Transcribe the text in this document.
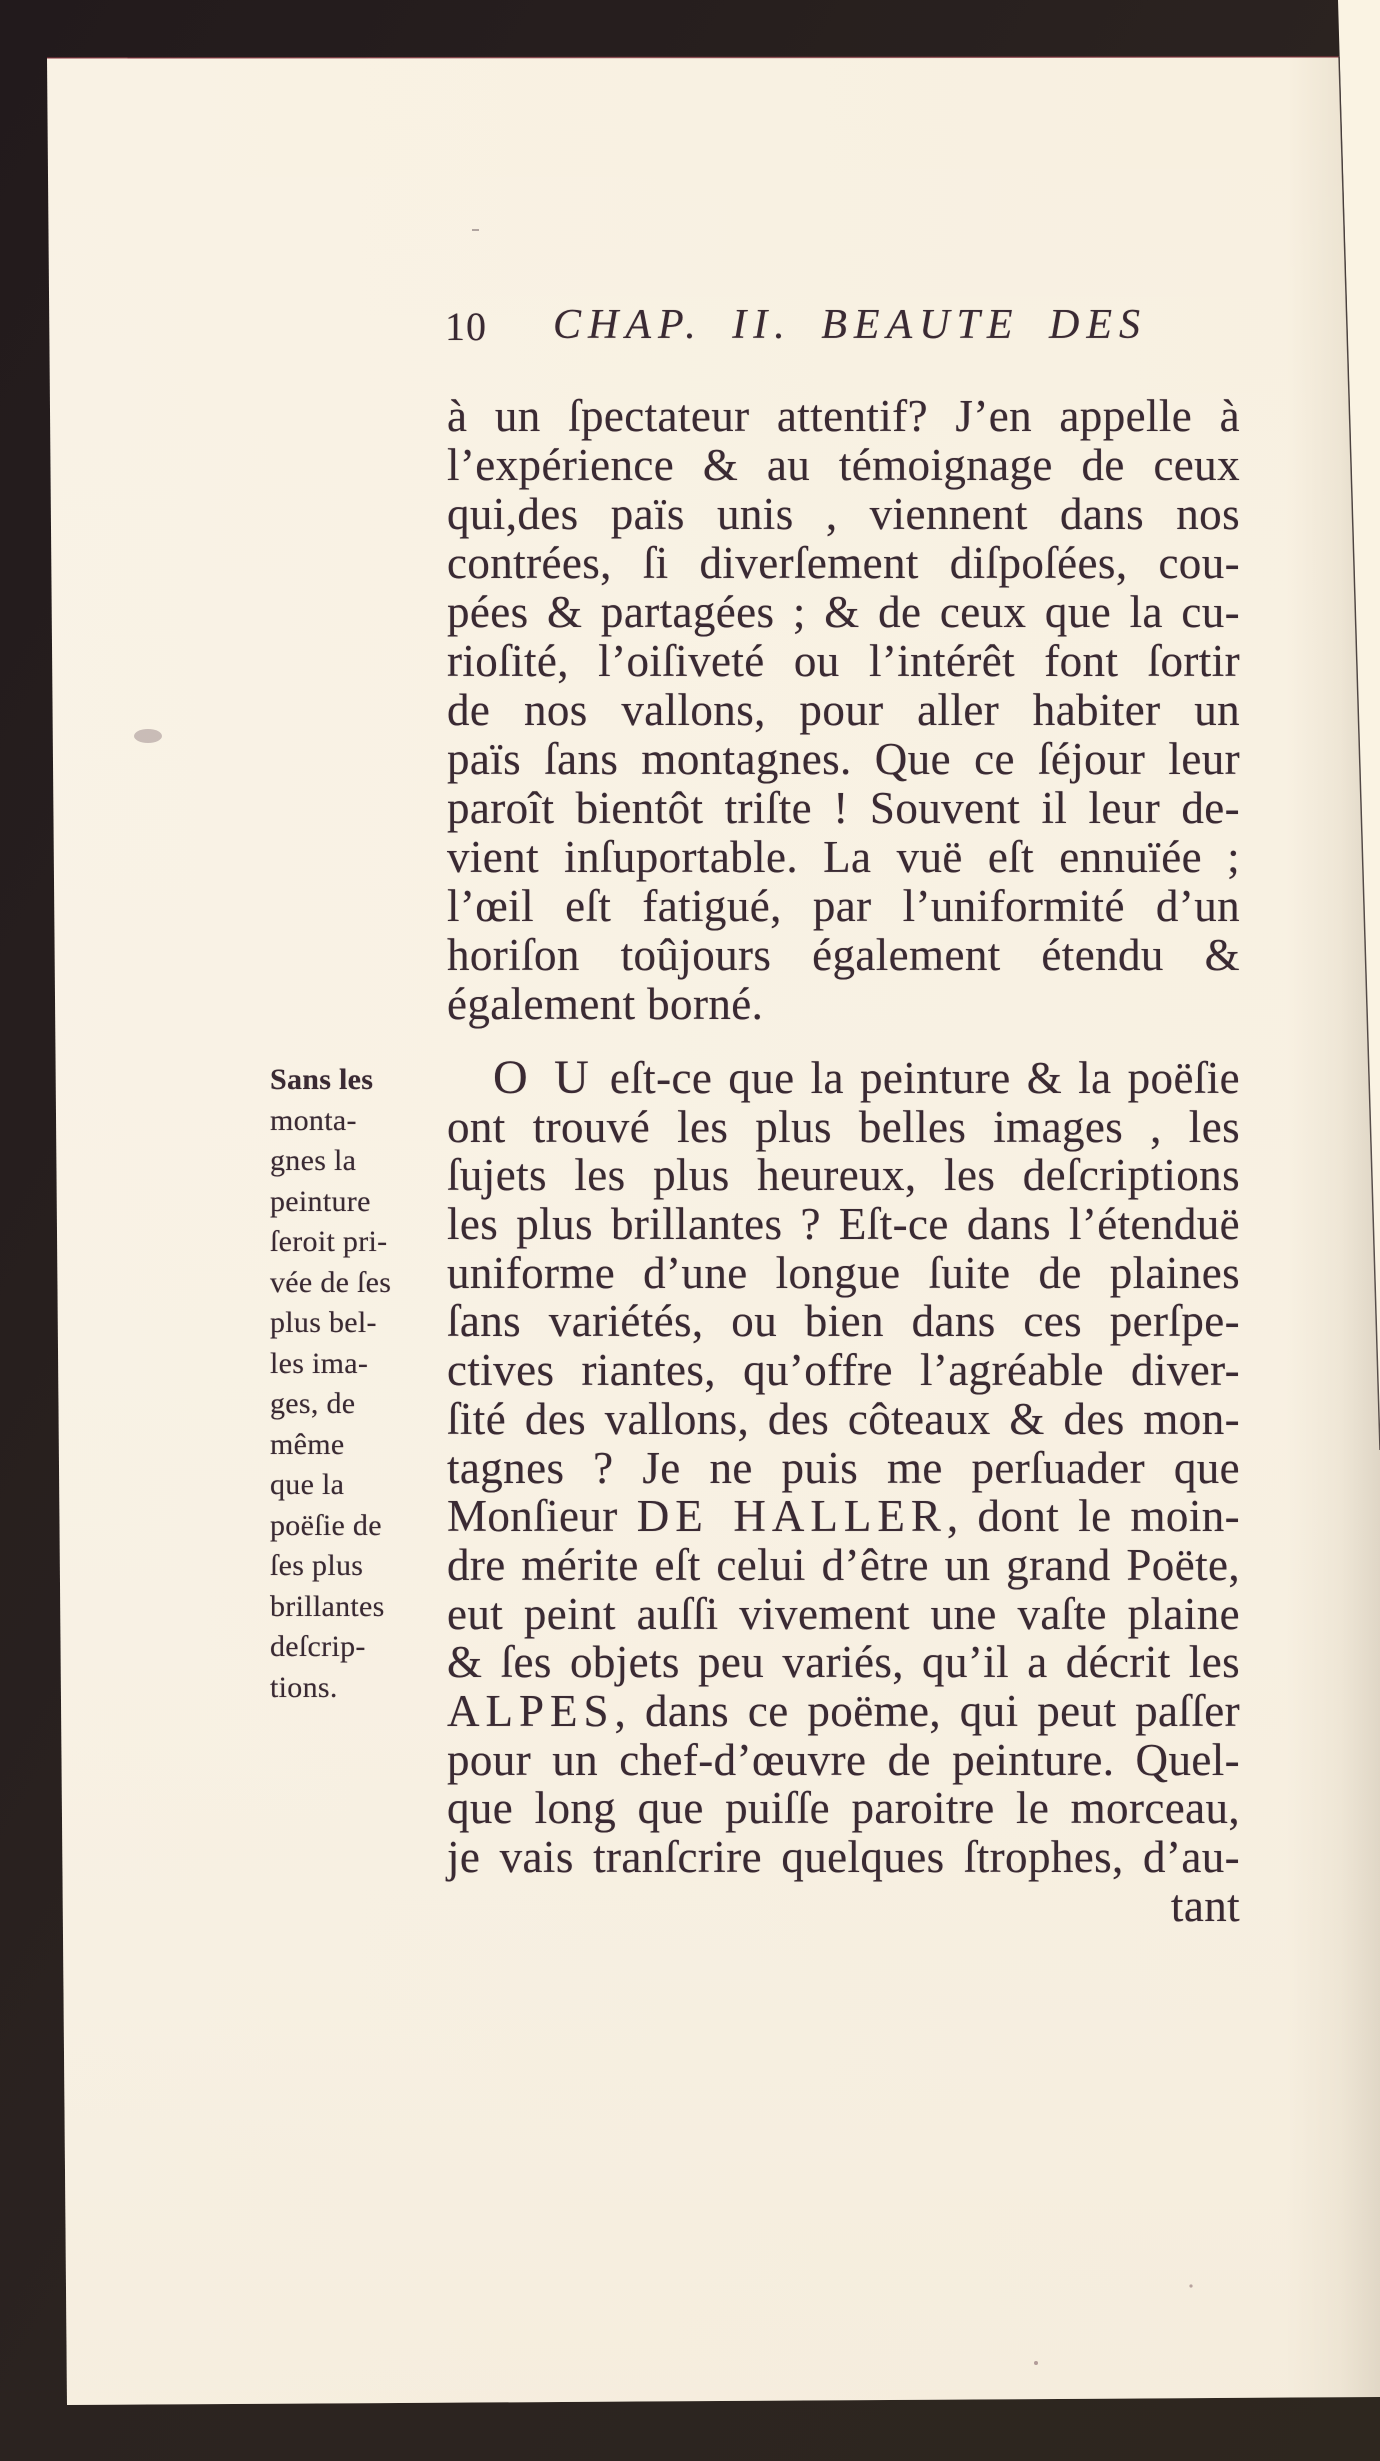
10 CHAP. II. BEAUTE DES
à un ſpectateur attentif? J’en appelle à
l’expérience & au témoignage de ceux
qui,des païs unis , viennent dans nos
contrées, ſi diverſement diſpoſées, cou-
pées & partagées ; & de ceux que la cu-
rioſité, l’oiſiveté ou l’intérêt font ſortir
de nos vallons, pour aller habiter un
païs ſans montagnes. Que ce ſéjour leur
paroît bientôt triſte ! Souvent il leur de-
vient inſuportable. La vuë eſt ennuïée ;
l’œil eſt fatigué, par l’uniformité d’un
horiſon toûjours également étendu &
également borné.
Sans les
monta-
gnes la
peinture
ſeroit pri-
vée de ſes
plus bel-
les ima-
ges, de
même
que la
poëſie de
ſes plus
brillantes
deſcrip-
tions.
O U eſt-ce que la peinture & la poëſie
ont trouvé les plus belles images , les
ſujets les plus heureux, les deſcriptions
les plus brillantes ? Eſt-ce dans l’étenduë
uniforme d’une longue ſuite de plaines
ſans variétés, ou bien dans ces perſpe-
ctives riantes, qu’offre l’agréable diver-
ſité des vallons, des côteaux & des mon-
tagnes ? Je ne puis me perſuader que
Monſieur DE HALLER, dont le moin-
dre mérite eſt celui d’être un grand Poëte,
eut peint auſſi vivement une vaſte plaine
& ſes objets peu variés, qu’il a décrit les
ALPES, dans ce poëme, qui peut paſſer
pour un chef-d’œuvre de peinture. Quel-
que long que puiſſe paroitre le morceau,
je vais tranſcrire quelques ſtrophes, d’au-
tant
